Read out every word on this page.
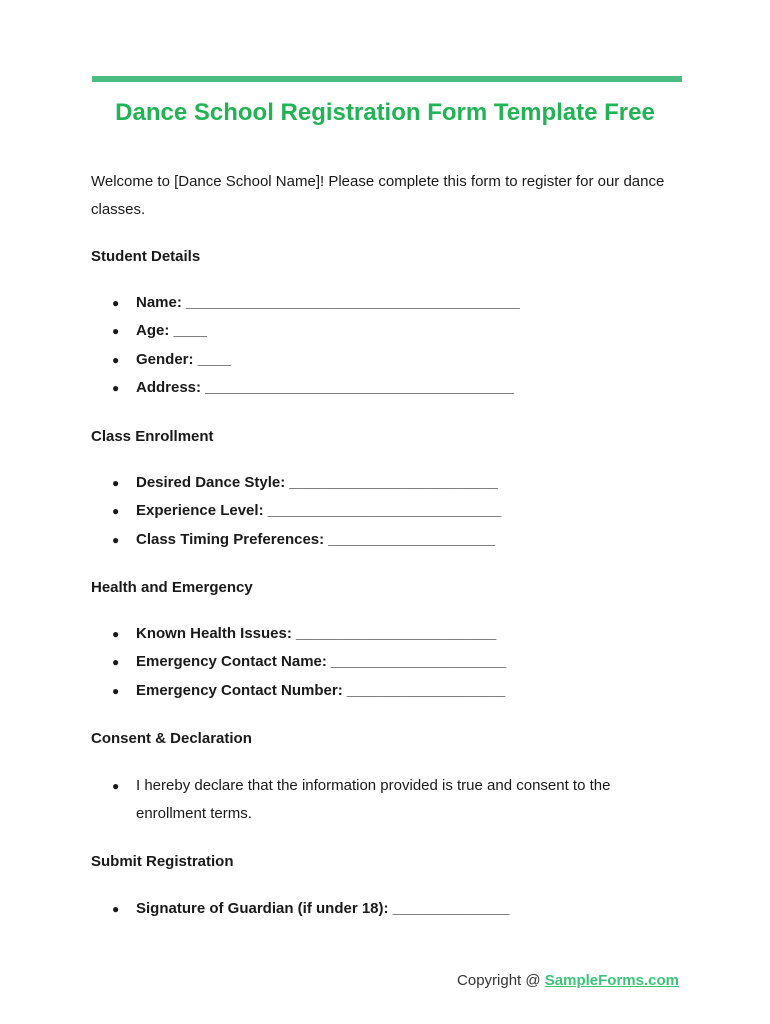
Dance School Registration Form Template Free

Welcome to [Dance School Name]! Please complete this form to register for our dance classes.

Student Details
● Name: ________________________________________
● Age: ____
● Gender: ____
● Address: _____________________________________
Class Enrollment
● Desired Dance Style: _________________________
● Experience Level: ____________________________
● Class Timing Preferences: ____________________
Health and Emergency
● Known Health Issues: ________________________
● Emergency Contact Name: _____________________
● Emergency Contact Number: ___________________
Consent & Declaration
● I hereby declare that the information provided is true and consent to the enrollment terms.
Submit Registration
● Signature of Guardian (if under 18): ______________

Copyright @ SampleForms.com
